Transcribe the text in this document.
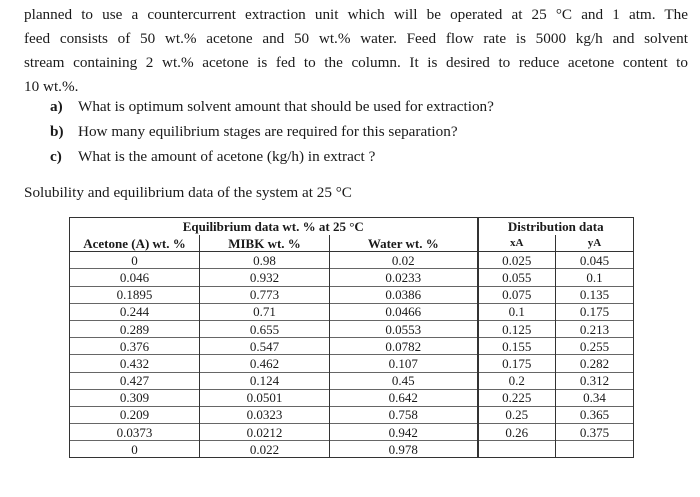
planned to use a countercurrent extraction unit which will be operated at 25 °C and 1 atm. The
feed consists of 50 wt.% acetone and 50 wt.% water. Feed flow rate is 5000 kg/h and solvent
stream containing 2 wt.% acetone is fed to the column. It is desired to reduce acetone content to
10 wt.%.
a) What is optimum solvent amount that should be used for extraction?
b) How many equilibrium stages are required for this separation?
c) What is the amount of acetone (kg/h) in extract ?
Solubility and equilibrium data of the system at 25 °C
Equilibrium data wt. % at 25 °C			Distribution data	
Acetone (A) wt. %	MIBK wt. %	Water wt. %	xA	yA
0	0.98	0.02	0.025	0.045
0.046	0.932	0.0233	0.055	0.1
0.1895	0.773	0.0386	0.075	0.135
0.244	0.71	0.0466	0.1	0.175
0.289	0.655	0.0553	0.125	0.213
0.376	0.547	0.0782	0.155	0.255
0.432	0.462	0.107	0.175	0.282
0.427	0.124	0.45	0.2	0.312
0.309	0.0501	0.642	0.225	0.34
0.209	0.0323	0.758	0.25	0.365
0.0373	0.0212	0.942	0.26	0.375
0	0.022	0.978		
